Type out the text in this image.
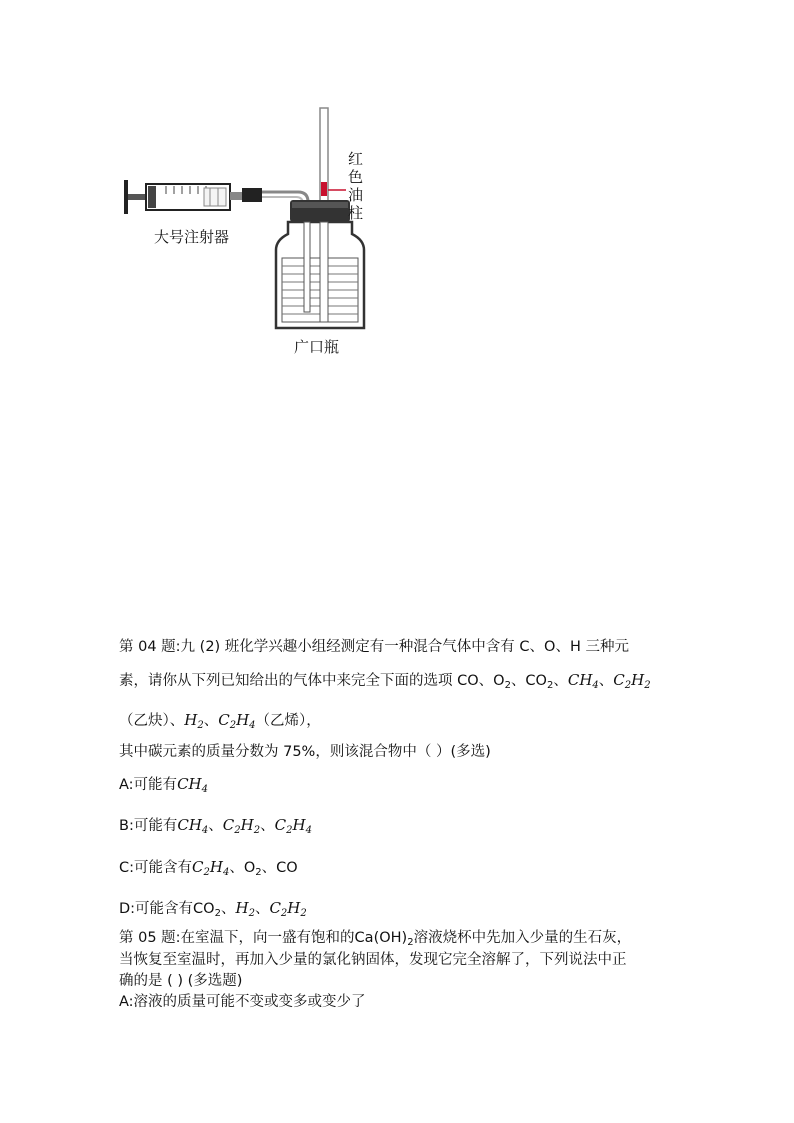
红色油柱
大号注射器
广口瓶
第 04 题:九 (2) 班化学兴趣小组经测定有一种混合气体中含有 C、O、H 三种元
素，请你从下列已知给出的气体中来完全下面的选项 CO、$O_2$、$CO_2$、$CH_4$、$C_2H_2$
（乙炔）、$H_2$、$C_2H_4$（乙烯），
其中碳元素的质量分数为 75%，则该混合物中（ ）(多选)
A:可能有$CH_4$
B:可能有$CH_4$、$C_2H_2$、$C_2H_4$
C:可能含有$C_2H_4$、$O_2$、CO
D:可能含有$CO_2$、$H_2$、$C_2H_2$
第 05 题:在室温下，向一盛有饱和的$Ca(OH)_2$溶液烧杯中先加入少量的生石灰，
当恢复至室温时，再加入少量的氯化钠固体，发现它完全溶解了，下列说法中正
确的是 ( ) (多选题)
A:溶液的质量可能不变或变多或变少了
